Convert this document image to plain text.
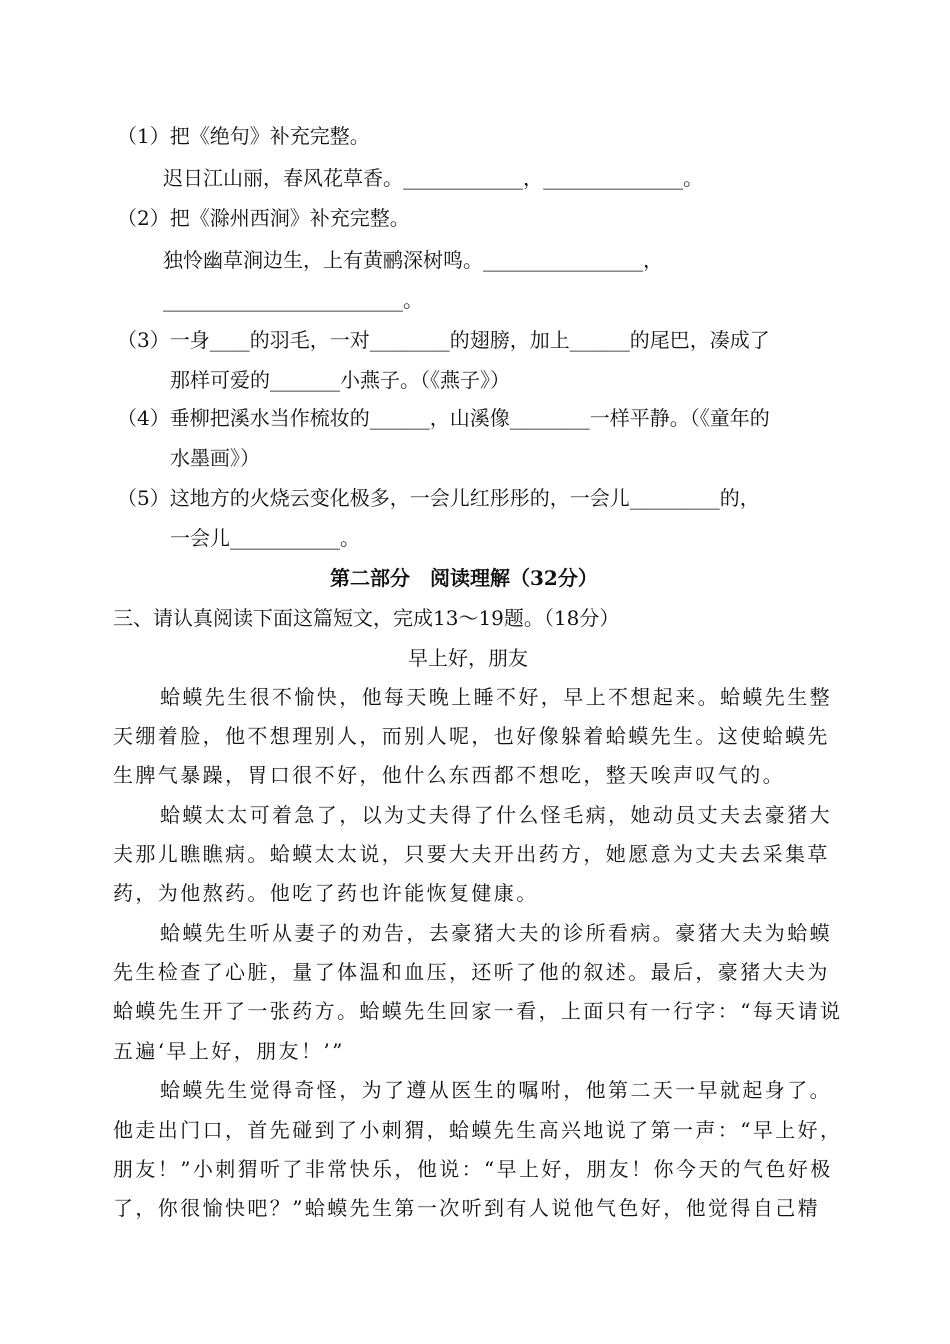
（1）把《绝句》补充完整。
迟日江山丽，春风花草香。____________，______________。
（2）把《滁州西涧》补充完整。
独怜幽草涧边生，上有黄鹂深树鸣。________________，
________________________。
（3）一身____的羽毛，一对________的翅膀，加上______的尾巴，凑成了
那样可爱的_______小燕子。（《燕子》）
（4）垂柳把溪水当作梳妆的______，山溪像________一样平静。（《童年的
水墨画》）
（5）这地方的火烧云变化极多，一会儿红彤彤的，一会儿_________的，
一会儿___________。
第二部分　阅读理解（32分）
三、请认真阅读下面这篇短文，完成13～19题。（18分）
早上好，朋友
蛤蟆先生很不愉快，他每天晚上睡不好，早上不想起来。蛤蟆先生整
天绷着脸，他不想理别人，而别人呢，也好像躲着蛤蟆先生。这使蛤蟆先
生脾气暴躁，胃口很不好，他什么东西都不想吃，整天唉声叹气的。
蛤蟆太太可着急了，以为丈夫得了什么怪毛病，她动员丈夫去豪猪大
夫那儿瞧瞧病。蛤蟆太太说，只要大夫开出药方，她愿意为丈夫去采集草
药，为他熬药。他吃了药也许能恢复健康。
蛤蟆先生听从妻子的劝告，去豪猪大夫的诊所看病。豪猪大夫为蛤蟆
先生检查了心脏，量了体温和血压，还听了他的叙述。最后，豪猪大夫为
蛤蟆先生开了一张药方。蛤蟆先生回家一看，上面只有一行字：“每天请说
五遍‘早上好，朋友！’”
蛤蟆先生觉得奇怪，为了遵从医生的嘱咐，他第二天一早就起身了。
他走出门口，首先碰到了小刺猬，蛤蟆先生高兴地说了第一声：“早上好，
朋友！”小刺猬听了非常快乐，他说：“早上好，朋友！你今天的气色好极
了，你很愉快吧？”蛤蟆先生第一次听到有人说他气色好，他觉得自己精
